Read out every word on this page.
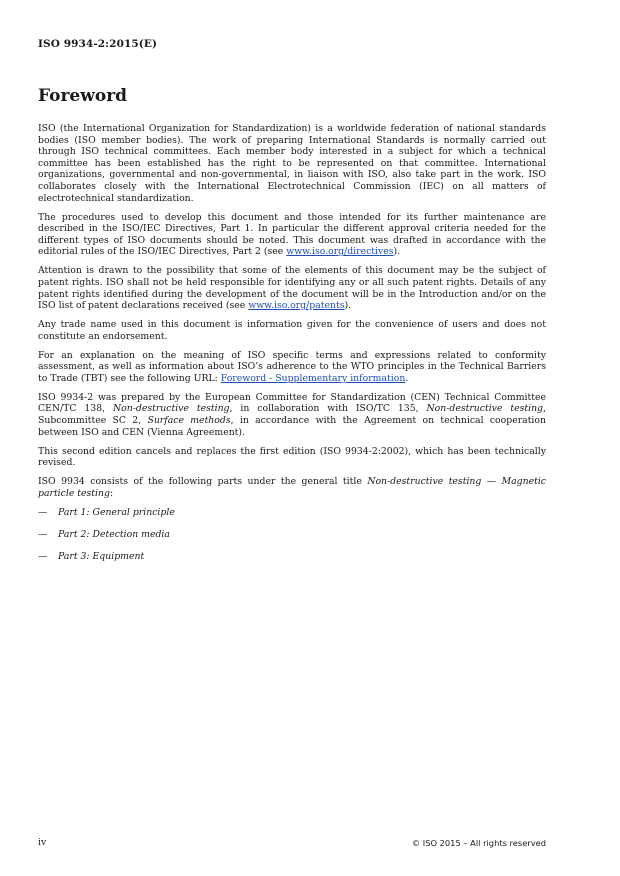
ISO 9934-2:2015(E)
Foreword

ISO (the International Organization for Standardization) is a worldwide federation of national standards bodies (ISO member bodies). The work of preparing International Standards is normally carried out through ISO technical committees. Each member body interested in a subject for which a technical committee has been established has the right to be represented on that committee. International organizations, governmental and non-governmental, in liaison with ISO, also take part in the work. ISO collaborates closely with the International Electrotechnical Commission (IEC) on all matters of electrotechnical standardization.

The procedures used to develop this document and those intended for its further maintenance are described in the ISO/IEC Directives, Part 1. In particular the different approval criteria needed for the different types of ISO documents should be noted. This document was drafted in accordance with the editorial rules of the ISO/IEC Directives, Part 2 (see www.iso.org/directives).

Attention is drawn to the possibility that some of the elements of this document may be the subject of patent rights. ISO shall not be held responsible for identifying any or all such patent rights. Details of any patent rights identified during the development of the document will be in the Introduction and/or on the ISO list of patent declarations received (see www.iso.org/patents).

Any trade name used in this document is information given for the convenience of users and does not constitute an endorsement.

For an explanation on the meaning of ISO specific terms and expressions related to conformity assessment, as well as information about ISO’s adherence to the WTO principles in the Technical Barriers to Trade (TBT) see the following URL: Foreword - Supplementary information.

ISO 9934-2 was prepared by the European Committee for Standardization (CEN) Technical Committee CEN/TC 138, Non-destructive testing, in collaboration with ISO/TC 135, Non-destructive testing, Subcommittee SC 2, Surface methods, in accordance with the Agreement on technical cooperation between ISO and CEN (Vienna Agreement).

This second edition cancels and replaces the first edition (ISO 9934-2:2002), which has been technically revised.

ISO 9934 consists of the following parts under the general title Non-destructive testing — Magnetic particle testing:

— Part 1: General principle
— Part 2: Detection media
— Part 3: Equipment
iv	© ISO 2015 – All rights reserved
